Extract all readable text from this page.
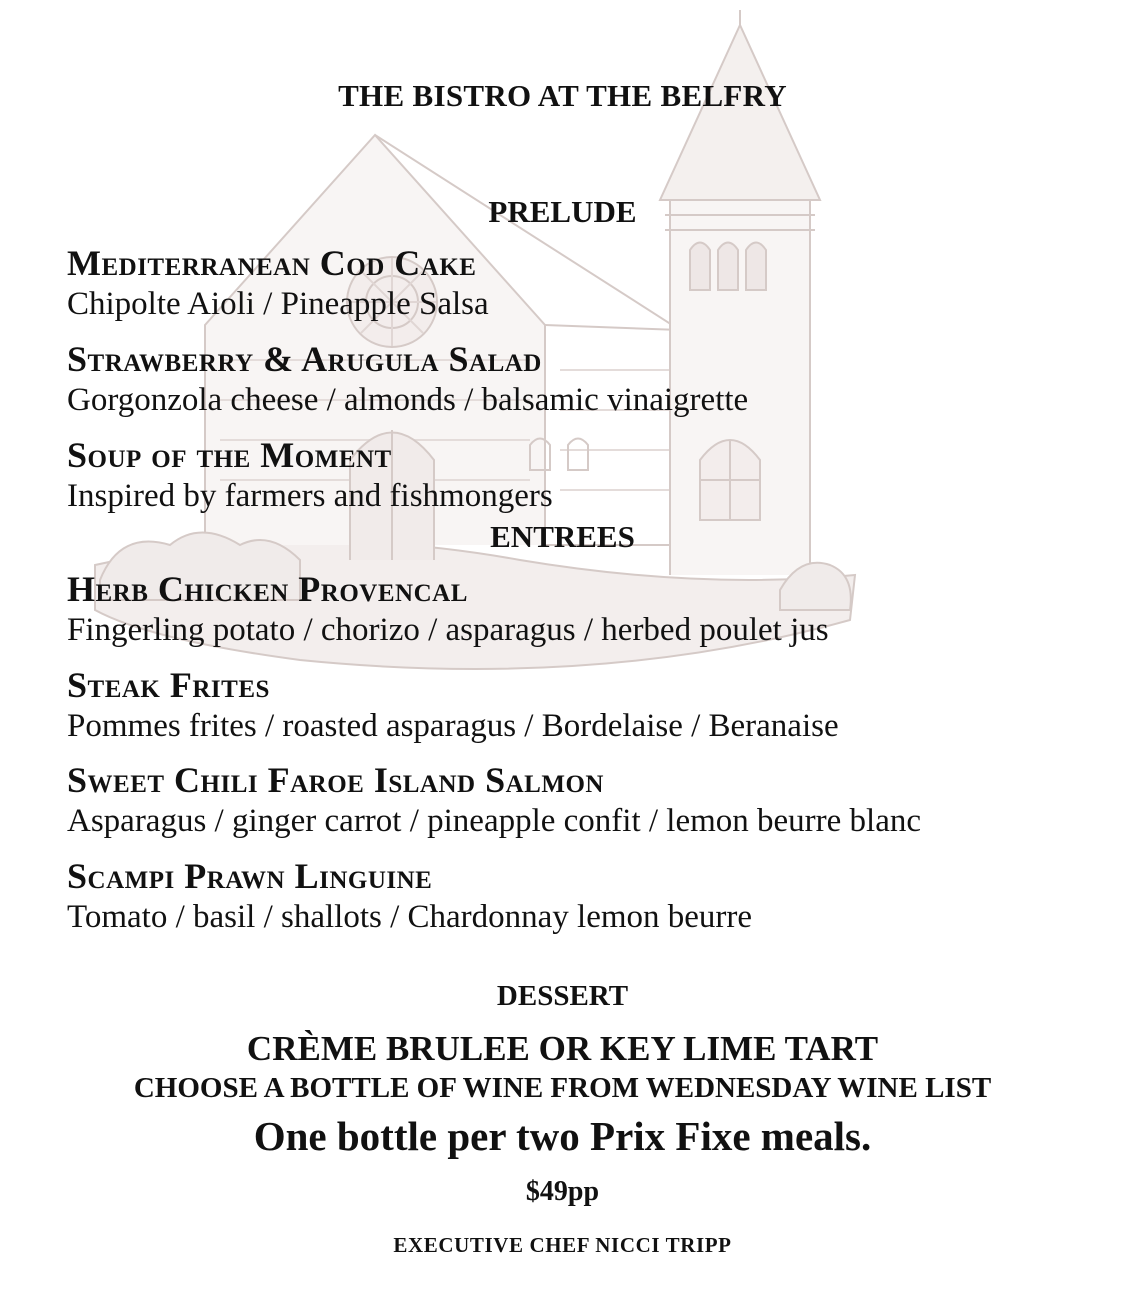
THE BISTRO AT THE BELFRY
PRELUDE
Mediterranean Cod Cake
Chipolte Aioli / Pineapple Salsa
Strawberry & Arugula Salad
Gorgonzola cheese / almonds / balsamic vinaigrette
Soup of the Moment
Inspired by farmers and fishmongers
ENTREES
Herb Chicken Provencal
Fingerling potato / chorizo / asparagus / herbed poulet jus
Steak Frites
Pommes frites / roasted asparagus / Bordelaise / Beranaise
Sweet Chili Faroe Island Salmon
Asparagus / ginger carrot / pineapple confit / lemon beurre blanc
Scampi Prawn Linguine
Tomato / basil / shallots / Chardonnay lemon beurre
DESSERT
CRÈME BRULEE OR KEY LIME TART
CHOOSE A BOTTLE OF WINE FROM WEDNESDAY WINE LIST
One bottle per two Prix Fixe meals.
$49pp
EXECUTIVE CHEF NICCI TRIPP
